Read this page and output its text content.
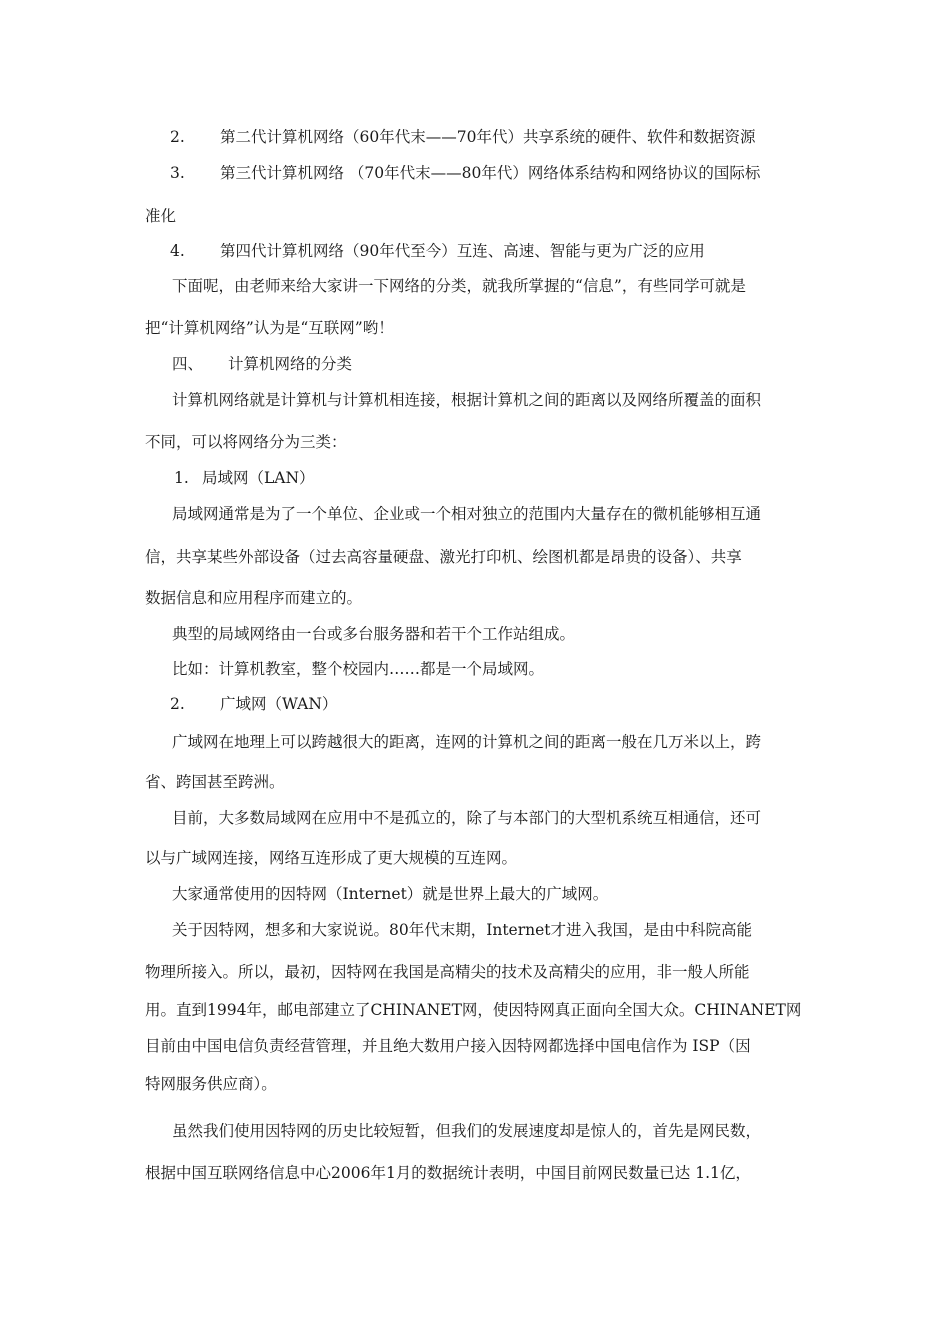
2. 第二代计算机网络（60年代末——70年代）共享系统的硬件、软件和数据资源
3. 第三代计算机网络 （70年代末——80年代）网络体系结构和网络协议的国际标
准化
4. 第四代计算机网络（90年代至今）互连、高速、智能与更为广泛的应用
下面呢，由老师来给大家讲一下网络的分类，就我所掌握的“信息”，有些同学可就是
把“计算机网络”认为是“互联网”哟！
四、 计算机网络的分类
计算机网络就是计算机与计算机相连接，根据计算机之间的距离以及网络所覆盖的面积
不同，可以将网络分为三类：
1. 局域网（LAN）
局域网通常是为了一个单位、企业或一个相对独立的范围内大量存在的微机能够相互通
信，共享某些外部设备（过去高容量硬盘、激光打印机、绘图机都是昂贵的设备）、共享
数据信息和应用程序而建立的。
典型的局域网络由一台或多台服务器和若干个工作站组成。
比如：计算机教室，整个校园内……都是一个局域网。
2. 广域网（WAN）
广域网在地理上可以跨越很大的距离，连网的计算机之间的距离一般在几万米以上，跨
省、跨国甚至跨洲。
目前，大多数局域网在应用中不是孤立的，除了与本部门的大型机系统互相通信，还可
以与广域网连接，网络互连形成了更大规模的互连网。
大家通常使用的因特网（Internet）就是世界上最大的广域网。
关于因特网，想多和大家说说。80年代末期，Internet才进入我国，是由中科院高能
物理所接入。所以，最初，因特网在我国是高精尖的技术及高精尖的应用，非一般人所能
用。直到1994年，邮电部建立了CHINANET网，使因特网真正面向全国大众。CHINANET网
目前由中国电信负责经营管理，并且绝大数用户接入因特网都选择中国电信作为 ISP（因
特网服务供应商）。
虽然我们使用因特网的历史比较短暂，但我们的发展速度却是惊人的，首先是网民数，
根据中国互联网络信息中心2006年1月的数据统计表明，中国目前网民数量已达 1.1亿，
